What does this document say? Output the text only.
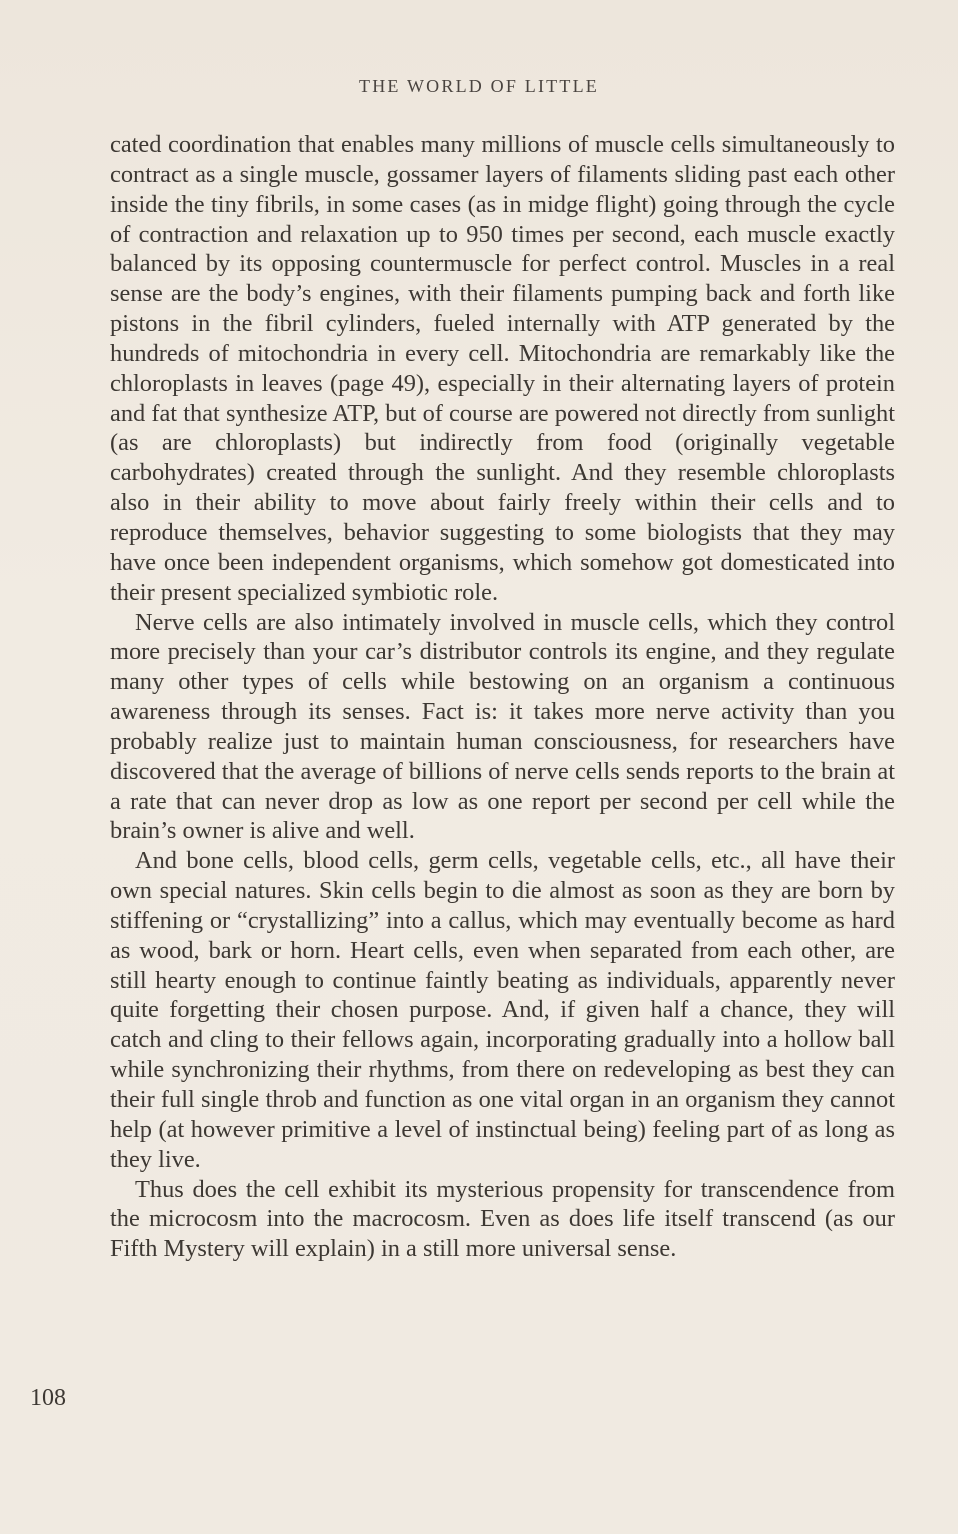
THE WORLD OF LITTLE

cated coordination that enables many millions of muscle cells simultaneously to contract as a single muscle, gossamer layers of filaments sliding past each other inside the tiny fibrils, in some cases (as in midge flight) going through the cycle of contraction and relaxation up to 950 times per second, each muscle exactly balanced by its opposing countermuscle for perfect control. Muscles in a real sense are the body’s engines, with their filaments pumping back and forth like pistons in the fibril cylinders, fueled internally with ATP generated by the hundreds of mitochondria in every cell. Mitochondria are remarkably like the chloroplasts in leaves (page 49), especially in their alternating layers of protein and fat that synthesize ATP, but of course are powered not directly from sunlight (as are chloroplasts) but indirectly from food (originally vegetable carbohydrates) created through the sunlight. And they resemble chloroplasts also in their ability to move about fairly freely within their cells and to reproduce themselves, behavior suggesting to some biologists that they may have once been independent organisms, which somehow got domesticated into their present specialized symbiotic role.

Nerve cells are also intimately involved in muscle cells, which they control more precisely than your car’s distributor controls its engine, and they regulate many other types of cells while bestowing on an organism a continuous awareness through its senses. Fact is: it takes more nerve activity than you probably realize just to maintain human consciousness, for researchers have discovered that the average of billions of nerve cells sends reports to the brain at a rate that can never drop as low as one report per second per cell while the brain’s owner is alive and well.

And bone cells, blood cells, germ cells, vegetable cells, etc., all have their own special natures. Skin cells begin to die almost as soon as they are born by stiffening or “crystallizing” into a callus, which may eventually become as hard as wood, bark or horn. Heart cells, even when separated from each other, are still hearty enough to continue faintly beating as individuals, apparently never quite forgetting their chosen purpose. And, if given half a chance, they will catch and cling to their fellows again, incorporating gradually into a hollow ball while synchronizing their rhythms, from there on redeveloping as best they can their full single throb and function as one vital organ in an organism they cannot help (at however primitive a level of instinctual being) feeling part of as long as they live.

Thus does the cell exhibit its mysterious propensity for transcendence from the microcosm into the macrocosm. Even as does life itself transcend (as our Fifth Mystery will explain) in a still more universal sense.

108
